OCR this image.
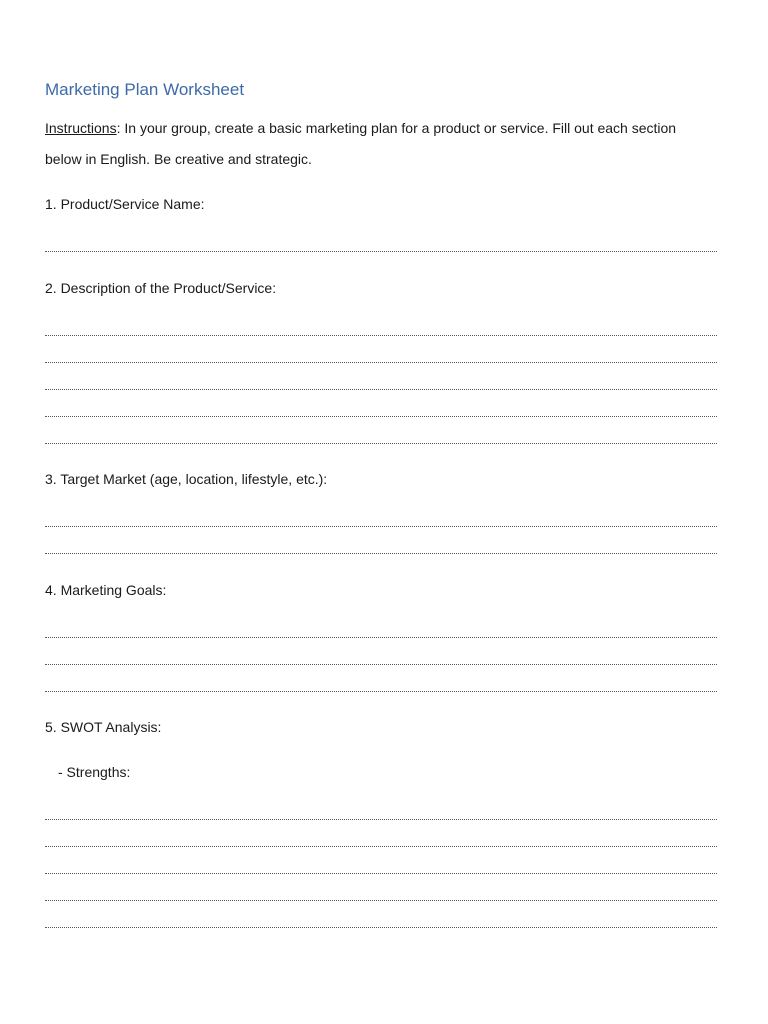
Marketing Plan Worksheet
Instructions: In your group, create a basic marketing plan for a product or service. Fill out each section
below in English. Be creative and strategic.
1. Product/Service Name:
2. Description of the Product/Service:
3. Target Market (age, location, lifestyle, etc.):
4. Marketing Goals:
5. SWOT Analysis:
- Strengths:
